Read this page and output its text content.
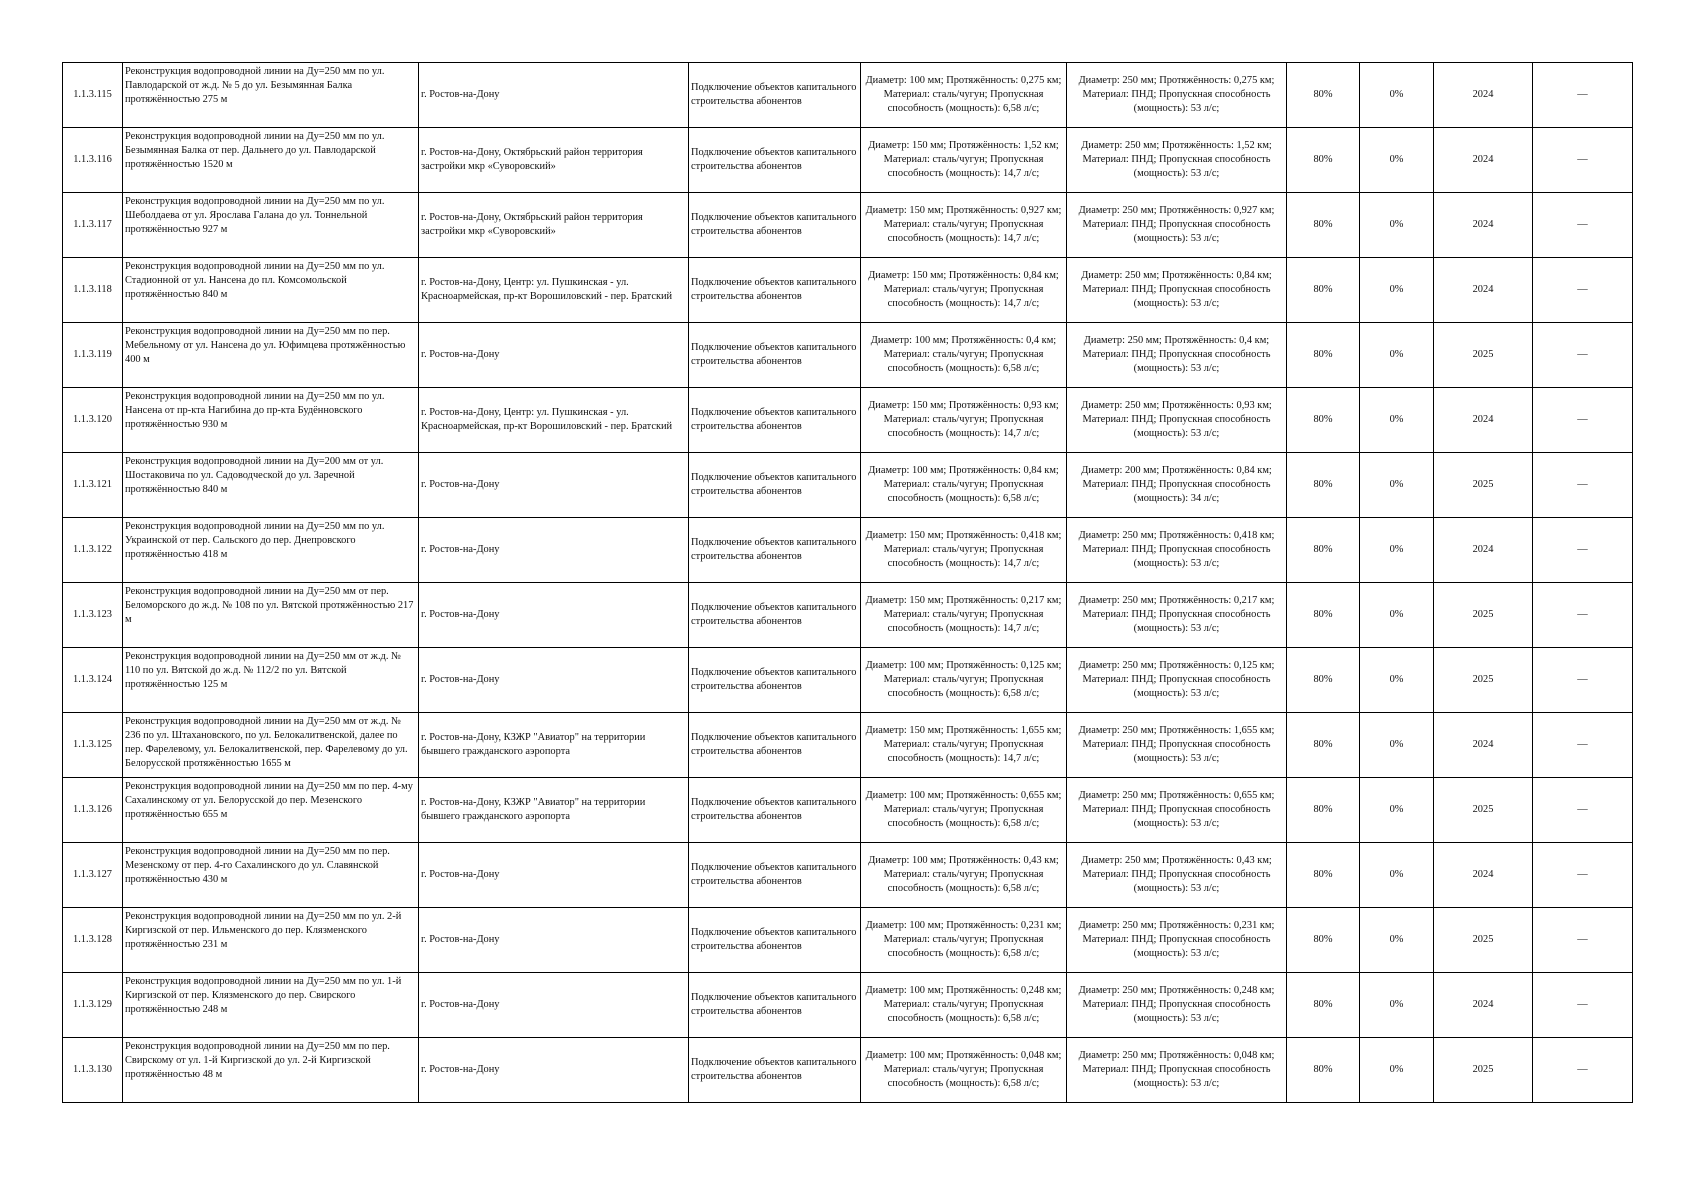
1.1.3.115	Реконструкция водопроводной линии на Ду=250 мм по ул. Павлодарской от ж.д. № 5 до ул. Безымянная Балка протяжённостью 275 м	г. Ростов-на-Дону	Подключение объектов капитального строительства абонентов	Диаметр: 100 мм; Протяжённость: 0,275 км; Материал: сталь/чугун; Пропускная способность (мощность): 6,58 л/с;	Диаметр: 250 мм; Протяжённость: 0,275 км; Материал: ПНД; Пропускная способность (мощность): 53 л/с;	80%	0%	2024	—

1.1.3.116	Реконструкция водопроводной линии на Ду=250 мм по ул. Безымянная Балка от пер. Дальнего до ул. Павлодарской протяжённостью 1520 м	г. Ростов-на-Дону, Октябрьский район территория застройки мкр «Суворовский»	Подключение объектов капитального строительства абонентов	Диаметр: 150 мм; Протяжённость: 1,52 км; Материал: сталь/чугун; Пропускная способность (мощность): 14,7 л/с;	Диаметр: 250 мм; Протяжённость: 1,52 км; Материал: ПНД; Пропускная способность (мощность): 53 л/с;	80%	0%	2024	—

1.1.3.117	Реконструкция водопроводной линии на Ду=250 мм по ул. Шеболдаева от ул. Ярослава Галана до ул. Тоннельной протяжённостью 927 м	г. Ростов-на-Дону, Октябрьский район территория застройки мкр «Суворовский»	Подключение объектов капитального строительства абонентов	Диаметр: 150 мм; Протяжённость: 0,927 км; Материал: сталь/чугун; Пропускная способность (мощность): 14,7 л/с;	Диаметр: 250 мм; Протяжённость: 0,927 км; Материал: ПНД; Пропускная способность (мощность): 53 л/с;	80%	0%	2024	—

1.1.3.118	Реконструкция водопроводной линии на Ду=250 мм по ул. Стадионной от ул. Нансена до пл. Комсомольской протяжённостью 840 м	г. Ростов-на-Дону, Центр: ул. Пушкинская - ул. Красноармейская, пр-кт Ворошиловский - пер. Братский	Подключение объектов капитального строительства абонентов	Диаметр: 150 мм; Протяжённость: 0,84 км; Материал: сталь/чугун; Пропускная способность (мощность): 14,7 л/с;	Диаметр: 250 мм; Протяжённость: 0,84 км; Материал: ПНД; Пропускная способность (мощность): 53 л/с;	80%	0%	2024	—

1.1.3.119	Реконструкция водопроводной линии на Ду=250 мм по пер. Мебельному от ул. Нансена до ул. Юфимцева протяжённостью 400 м	г. Ростов-на-Дону	Подключение объектов капитального строительства абонентов	Диаметр: 100 мм; Протяжённость: 0,4 км; Материал: сталь/чугун; Пропускная способность (мощность): 6,58 л/с;	Диаметр: 250 мм; Протяжённость: 0,4 км; Материал: ПНД; Пропускная способность (мощность): 53 л/с;	80%	0%	2025	—

1.1.3.120	Реконструкция водопроводной линии на Ду=250 мм по ул. Нансена от пр-кта Нагибина до пр-кта Будённовского протяжённостью 930 м	г. Ростов-на-Дону, Центр: ул. Пушкинская - ул. Красноармейская, пр-кт Ворошиловский - пер. Братский	Подключение объектов капитального строительства абонентов	Диаметр: 150 мм; Протяжённость: 0,93 км; Материал: сталь/чугун; Пропускная способность (мощность): 14,7 л/с;	Диаметр: 250 мм; Протяжённость: 0,93 км; Материал: ПНД; Пропускная способность (мощность): 53 л/с;	80%	0%	2024	—

1.1.3.121	Реконструкция водопроводной линии на Ду=200 мм от ул. Шостаковича по ул. Садоводческой до ул. Заречной протяжённостью 840 м	г. Ростов-на-Дону	Подключение объектов капитального строительства абонентов	Диаметр: 100 мм; Протяжённость: 0,84 км; Материал: сталь/чугун; Пропускная способность (мощность): 6,58 л/с;	Диаметр: 200 мм; Протяжённость: 0,84 км; Материал: ПНД; Пропускная способность (мощность): 34 л/с;	80%	0%	2025	—

1.1.3.122	Реконструкция водопроводной линии на Ду=250 мм по ул. Украинской от пер. Сальского до пер. Днепровского протяжённостью 418 м	г. Ростов-на-Дону	Подключение объектов капитального строительства абонентов	Диаметр: 150 мм; Протяжённость: 0,418 км; Материал: сталь/чугун; Пропускная способность (мощность): 14,7 л/с;	Диаметр: 250 мм; Протяжённость: 0,418 км; Материал: ПНД; Пропускная способность (мощность): 53 л/с;	80%	0%	2024	—

1.1.3.123	Реконструкция водопроводной линии на Ду=250 мм от пер. Беломорского до ж.д. № 108 по ул. Вятской протяжённостью 217 м	г. Ростов-на-Дону	Подключение объектов капитального строительства абонентов	Диаметр: 150 мм; Протяжённость: 0,217 км; Материал: сталь/чугун; Пропускная способность (мощность): 14,7 л/с;	Диаметр: 250 мм; Протяжённость: 0,217 км; Материал: ПНД; Пропускная способность (мощность): 53 л/с;	80%	0%	2025	—

1.1.3.124	Реконструкция водопроводной линии на Ду=250 мм от ж.д. № 110 по ул. Вятской до ж.д. № 112/2 по ул. Вятской протяжённостью 125 м	г. Ростов-на-Дону	Подключение объектов капитального строительства абонентов	Диаметр: 100 мм; Протяжённость: 0,125 км; Материал: сталь/чугун; Пропускная способность (мощность): 6,58 л/с;	Диаметр: 250 мм; Протяжённость: 0,125 км; Материал: ПНД; Пропускная способность (мощность): 53 л/с;	80%	0%	2025	—

1.1.3.125	Реконструкция водопроводной линии на Ду=250 мм от ж.д. № 236 по ул. Штахановского, по ул. Белокалитвенской, далее по пер. Фарелевому, ул. Белокалитвенской, пер. Фарелевому до ул. Белорусской протяжённостью 1655 м	г. Ростов-на-Дону, КЗЖР "Авиатор" на территории бывшего гражданского аэропорта	Подключение объектов капитального строительства абонентов	Диаметр: 150 мм; Протяжённость: 1,655 км; Материал: сталь/чугун; Пропускная способность (мощность): 14,7 л/с;	Диаметр: 250 мм; Протяжённость: 1,655 км; Материал: ПНД; Пропускная способность (мощность): 53 л/с;	80%	0%	2024	—

1.1.3.126	Реконструкция водопроводной линии на Ду=250 мм по пер. 4-му Сахалинскому от ул. Белорусской до пер. Мезенского протяжённостью 655 м	г. Ростов-на-Дону, КЗЖР "Авиатор" на территории бывшего гражданского аэропорта	Подключение объектов капитального строительства абонентов	Диаметр: 100 мм; Протяжённость: 0,655 км; Материал: сталь/чугун; Пропускная способность (мощность): 6,58 л/с;	Диаметр: 250 мм; Протяжённость: 0,655 км; Материал: ПНД; Пропускная способность (мощность): 53 л/с;	80%	0%	2025	—

1.1.3.127	Реконструкция водопроводной линии на Ду=250 мм по пер. Мезенскому от пер. 4-го Сахалинского до ул. Славянской протяжённостью 430 м	г. Ростов-на-Дону	Подключение объектов капитального строительства абонентов	Диаметр: 100 мм; Протяжённость: 0,43 км; Материал: сталь/чугун; Пропускная способность (мощность): 6,58 л/с;	Диаметр: 250 мм; Протяжённость: 0,43 км; Материал: ПНД; Пропускная способность (мощность): 53 л/с;	80%	0%	2024	—

1.1.3.128	Реконструкция водопроводной линии на Ду=250 мм по ул. 2-й Киргизской от пер. Ильменского до пер. Клязменского протяжённостью 231 м	г. Ростов-на-Дону	Подключение объектов капитального строительства абонентов	Диаметр: 100 мм; Протяжённость: 0,231 км; Материал: сталь/чугун; Пропускная способность (мощность): 6,58 л/с;	Диаметр: 250 мм; Протяжённость: 0,231 км; Материал: ПНД; Пропускная способность (мощность): 53 л/с;	80%	0%	2025	—

1.1.3.129	Реконструкция водопроводной линии на Ду=250 мм по ул. 1-й Киргизской от пер. Клязменского до пер. Свирского протяжённостью 248 м	г. Ростов-на-Дону	Подключение объектов капитального строительства абонентов	Диаметр: 100 мм; Протяжённость: 0,248 км; Материал: сталь/чугун; Пропускная способность (мощность): 6,58 л/с;	Диаметр: 250 мм; Протяжённость: 0,248 км; Материал: ПНД; Пропускная способность (мощность): 53 л/с;	80%	0%	2024	—

1.1.3.130	Реконструкция водопроводной линии на Ду=250 мм по пер. Свирскому от ул. 1-й Киргизской до ул. 2-й Киргизской протяжённостью 48 м	г. Ростов-на-Дону	Подключение объектов капитального строительства абонентов	Диаметр: 100 мм; Протяжённость: 0,048 км; Материал: сталь/чугун; Пропускная способность (мощность): 6,58 л/с;	Диаметр: 250 мм; Протяжённость: 0,048 км; Материал: ПНД; Пропускная способность (мощность): 53 л/с;	80%	0%	2025	—
